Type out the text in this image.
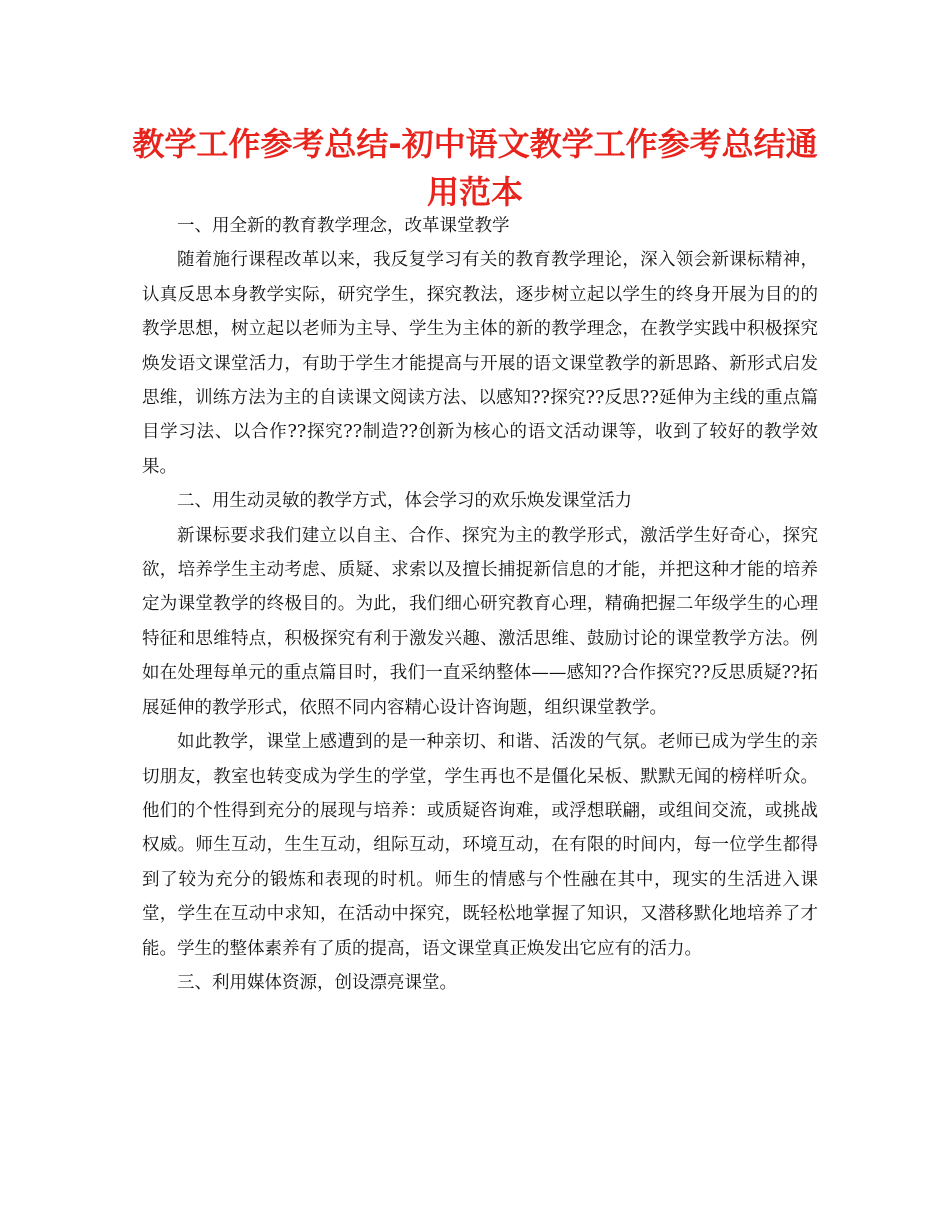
教学工作参考总结-初中语文教学工作参考总结通用范本

一、用全新的教育教学理念，改革课堂教学

随着施行课程改革以来，我反复学习有关的教育教学理论，深入领会新课标精神，认真反思本身教学实际，研究学生，探究教法，逐步树立起以学生的终身开展为目的的教学思想，树立起以老师为主导、学生为主体的新的教学理念，在教学实践中积极探究焕发语文课堂活力，有助于学生才能提高与开展的语文课堂教学的新思路、新形式启发思维，训练方法为主的自读课文阅读方法、以感知??探究??反思??延伸为主线的重点篇目学习法、以合作??探究??制造??创新为核心的语文活动课等，收到了较好的教学效果。

二、用生动灵敏的教学方式，体会学习的欢乐焕发课堂活力

新课标要求我们建立以自主、合作、探究为主的教学形式，激活学生好奇心，探究欲，培养学生主动考虑、质疑、求索以及擅长捕捉新信息的才能，并把这种才能的培养定为课堂教学的终极目的。为此，我们细心研究教育心理，精确把握二年级学生的心理特征和思维特点，积极探究有利于激发兴趣、激活思维、鼓励讨论的课堂教学方法。例如在处理每单元的重点篇目时，我们一直采纳整体——感知??合作探究??反思质疑??拓展延伸的教学形式，依照不同内容精心设计咨询题，组织课堂教学。

如此教学，课堂上感遭到的是一种亲切、和谐、活泼的气氛。老师已成为学生的亲切朋友，教室也转变成为学生的学堂，学生再也不是僵化呆板、默默无闻的榜样听众。他们的个性得到充分的展现与培养：或质疑咨询难，或浮想联翩，或组间交流，或挑战权威。师生互动，生生互动，组际互动，环境互动，在有限的时间内，每一位学生都得到了较为充分的锻炼和表现的时机。师生的情感与个性融在其中，现实的生活进入课堂，学生在互动中求知，在活动中探究，既轻松地掌握了知识，又潜移默化地培养了才能。学生的整体素养有了质的提高，语文课堂真正焕发出它应有的活力。

三、利用媒体资源，创设漂亮课堂。
